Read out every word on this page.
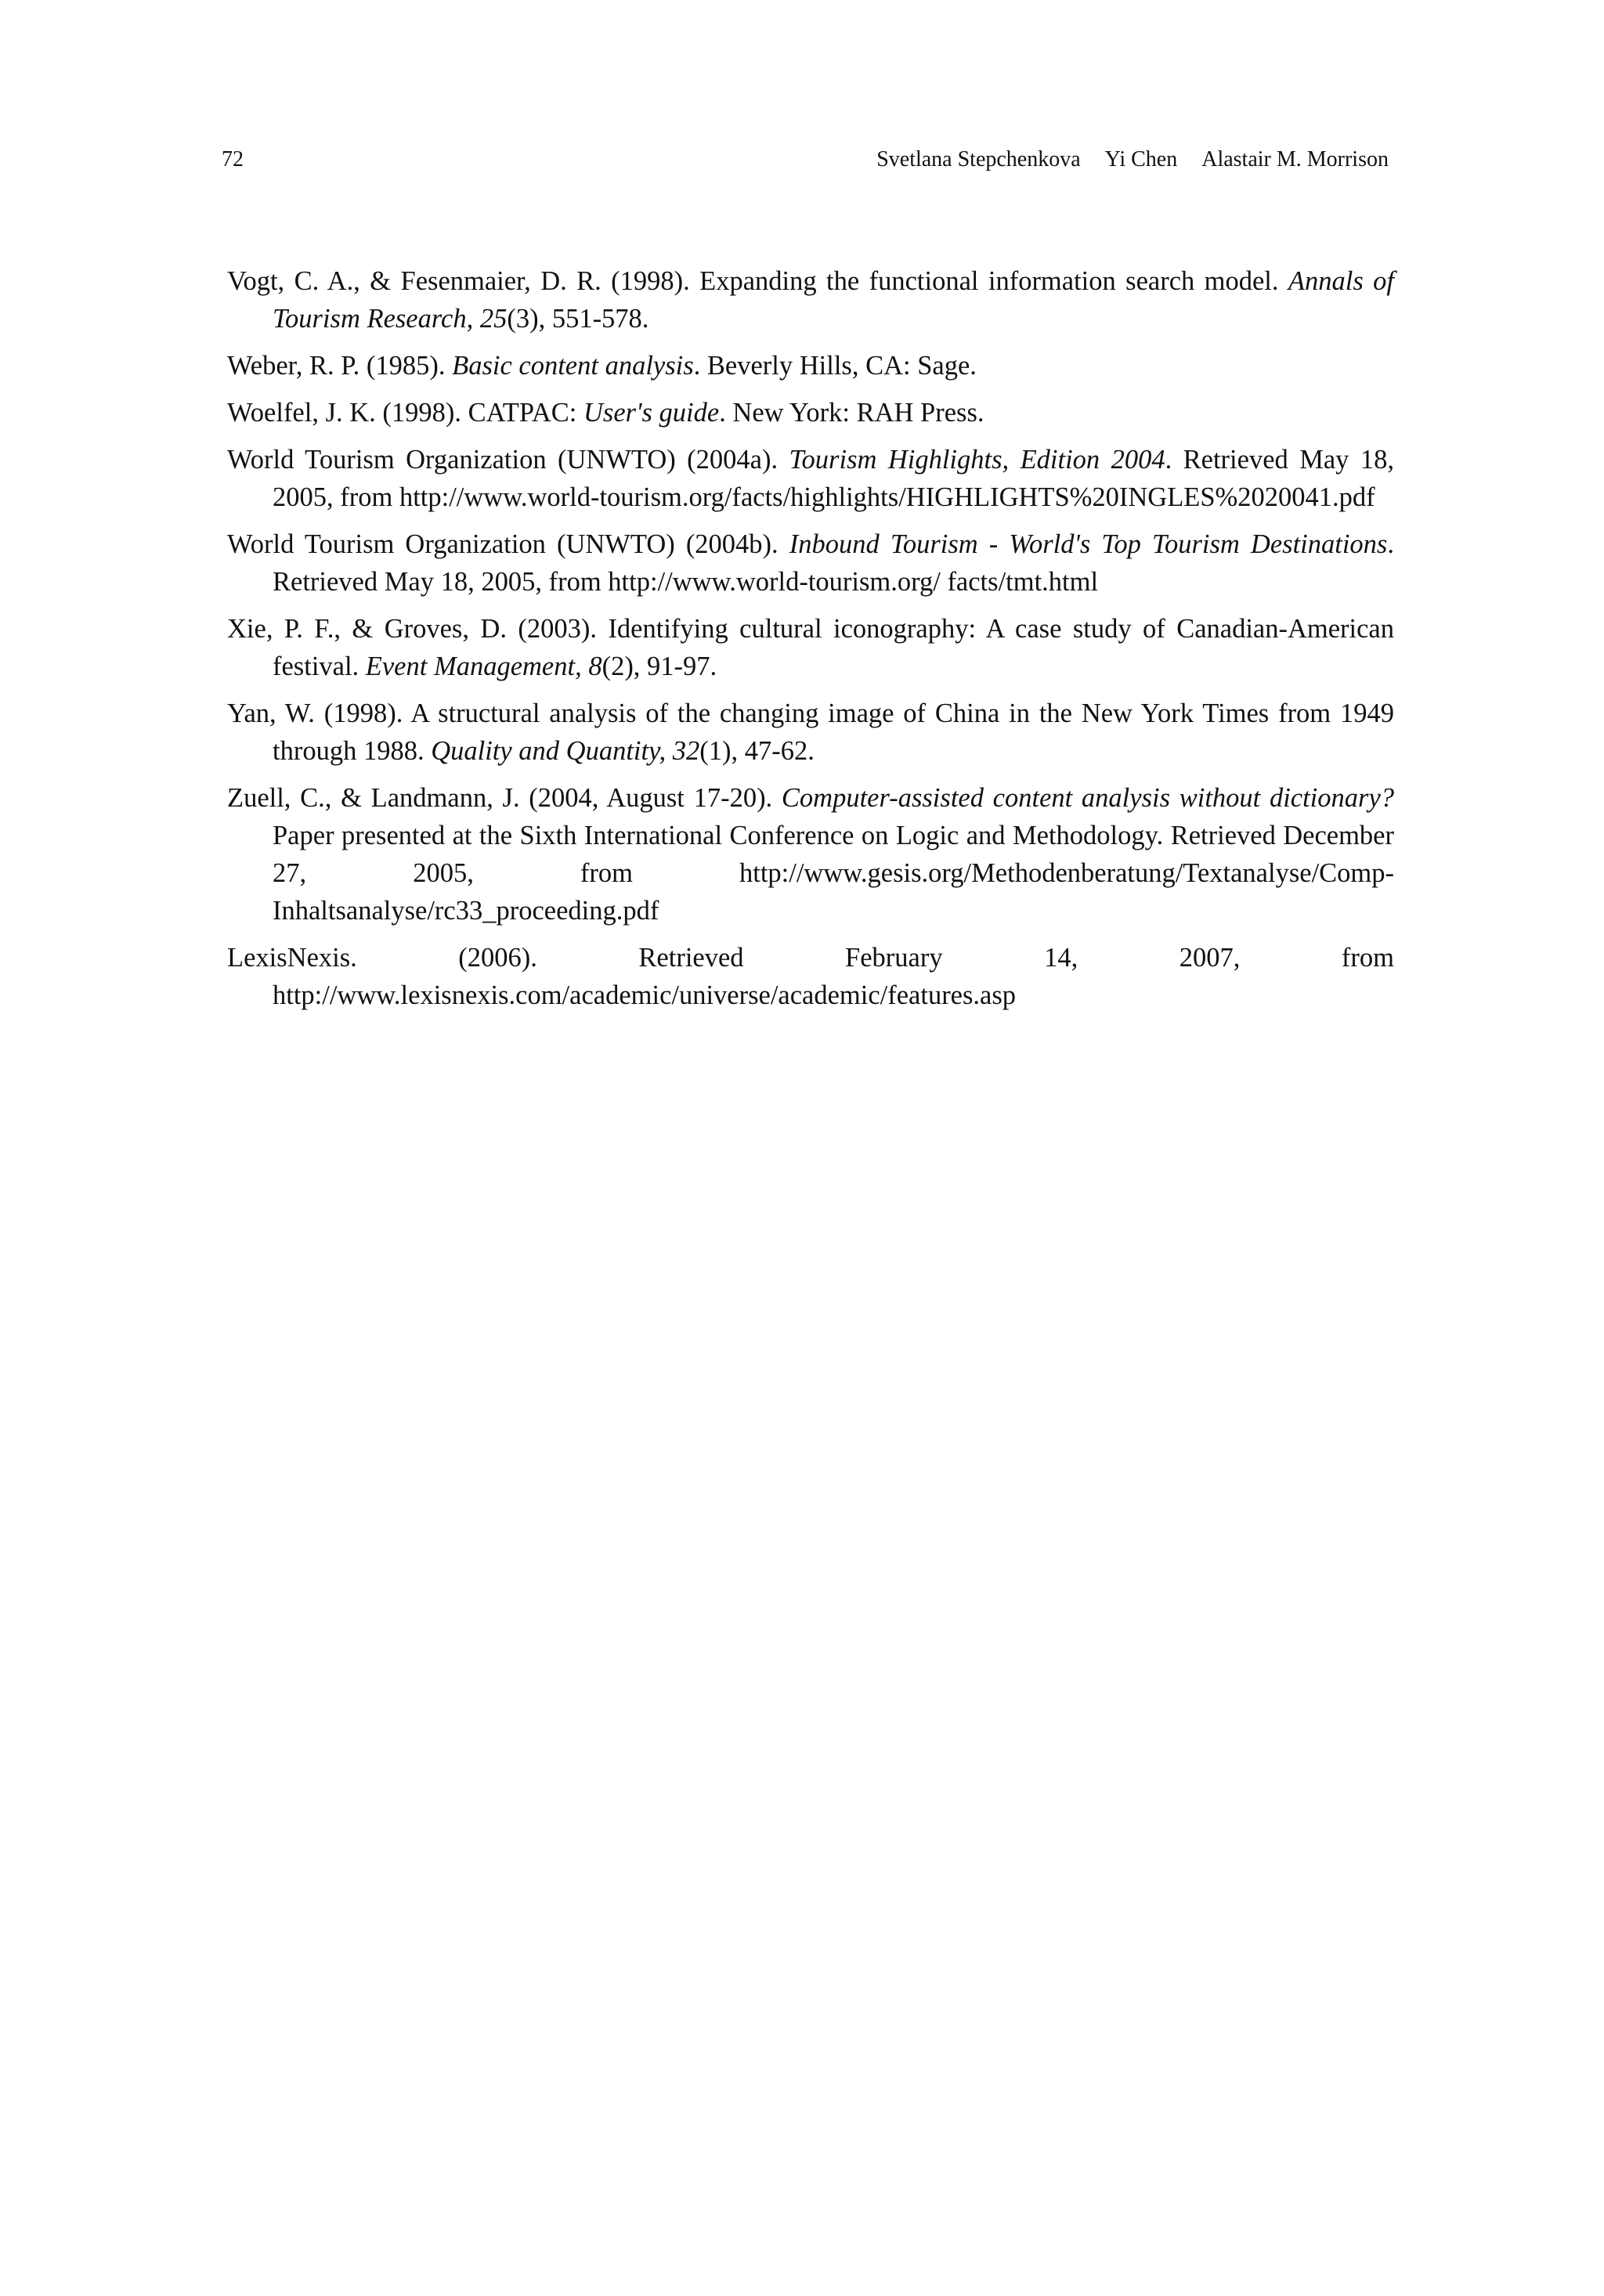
72	Svetlana Stepchenkova Yi Chen Alastair M. Morrison
Vogt, C. A., & Fesenmaier, D. R. (1998). Expanding the functional information search model. Annals of Tourism Research, 25(3), 551-578.
Weber, R. P. (1985). Basic content analysis. Beverly Hills, CA: Sage.
Woelfel, J. K. (1998). CATPAC: User's guide. New York: RAH Press.
World Tourism Organization (UNWTO) (2004a). Tourism Highlights, Edition 2004. Retrieved May 18, 2005, from http://www.world-tourism.org/facts/highlights/HIGHLIGHTS%20INGLES%2020041.pdf
World Tourism Organization (UNWTO) (2004b). Inbound Tourism - World's Top Tourism Destinations. Retrieved May 18, 2005, from http://www.world-tourism.org/ facts/tmt.html
Xie, P. F., & Groves, D. (2003). Identifying cultural iconography: A case study of Canadian-American festival. Event Management, 8(2), 91-97.
Yan, W. (1998). A structural analysis of the changing image of China in the New York Times from 1949 through 1988. Quality and Quantity, 32(1), 47-62.
Zuell, C., & Landmann, J. (2004, August 17-20). Computer-assisted content analysis without dictionary? Paper presented at the Sixth International Conference on Logic and Methodology. Retrieved December 27, 2005, from http://www.gesis.org/Methodenberatung/Textanalyse/Comp-Inhaltsanalyse/rc33_proceeding.pdf
LexisNexis. (2006). Retrieved February 14, 2007, from http://www.lexisnexis.com/academic/universe/academic/features.asp
